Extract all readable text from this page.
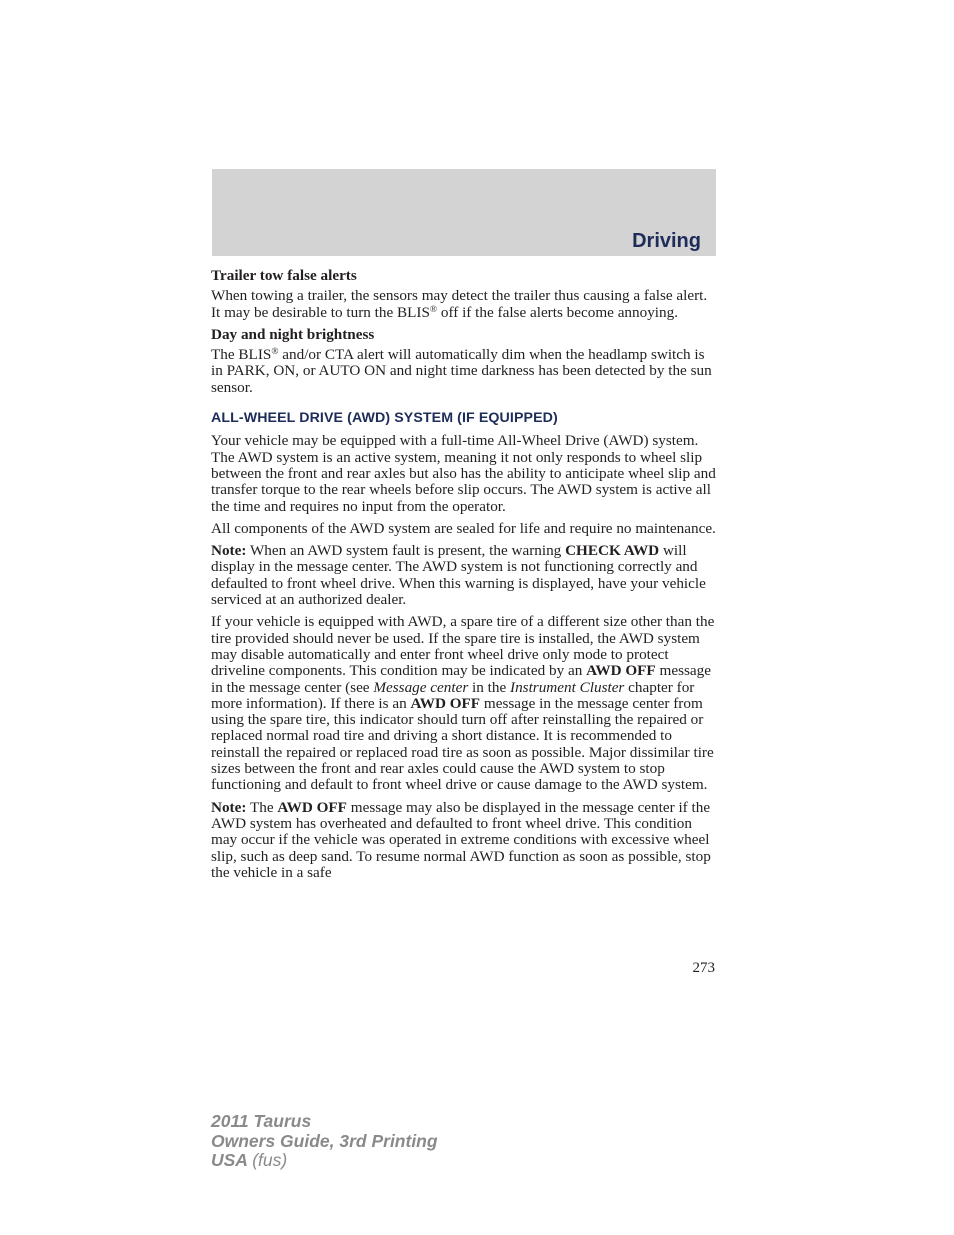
Driving

Trailer tow false alerts

When towing a trailer, the sensors may detect the trailer thus causing a false alert. It may be desirable to turn the BLIS® off if the false alerts become annoying.

Day and night brightness

The BLIS® and/or CTA alert will automatically dim when the headlamp switch is in PARK, ON, or AUTO ON and night time darkness has been detected by the sun sensor.

ALL-WHEEL DRIVE (AWD) SYSTEM (IF EQUIPPED)

Your vehicle may be equipped with a full-time All-Wheel Drive (AWD) system. The AWD system is an active system, meaning it not only responds to wheel slip between the front and rear axles but also has the ability to anticipate wheel slip and transfer torque to the rear wheels before slip occurs. The AWD system is active all the time and requires no input from the operator.

All components of the AWD system are sealed for life and require no maintenance.

Note: When an AWD system fault is present, the warning CHECK AWD will display in the message center. The AWD system is not functioning correctly and defaulted to front wheel drive. When this warning is displayed, have your vehicle serviced at an authorized dealer.

If your vehicle is equipped with AWD, a spare tire of a different size other than the tire provided should never be used. If the spare tire is installed, the AWD system may disable automatically and enter front wheel drive only mode to protect driveline components. This condition may be indicated by an AWD OFF message in the message center (see Message center in the Instrument Cluster chapter for more information). If there is an AWD OFF message in the message center from using the spare tire, this indicator should turn off after reinstalling the repaired or replaced normal road tire and driving a short distance. It is recommended to reinstall the repaired or replaced road tire as soon as possible. Major dissimilar tire sizes between the front and rear axles could cause the AWD system to stop functioning and default to front wheel drive or cause damage to the AWD system.

Note: The AWD OFF message may also be displayed in the message center if the AWD system has overheated and defaulted to front wheel drive. This condition may occur if the vehicle was operated in extreme conditions with excessive wheel slip, such as deep sand. To resume normal AWD function as soon as possible, stop the vehicle in a safe

273
2011 Taurus
Owners Guide, 3rd Printing
USA (fus)
